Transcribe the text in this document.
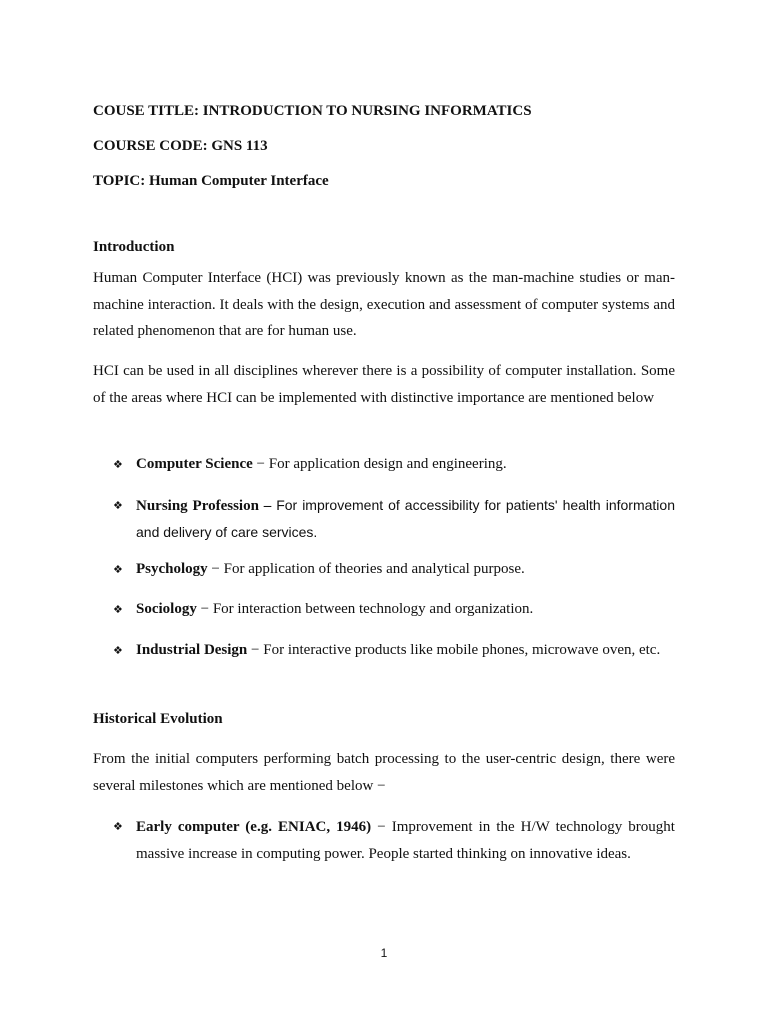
COUSE TITLE: INTRODUCTION TO NURSING INFORMATICS
COURSE CODE: GNS 113
TOPIC: Human Computer Interface
Introduction
Human Computer Interface (HCI) was previously known as the man-machine studies or man-machine interaction. It deals with the design, execution and assessment of computer systems and related phenomenon that are for human use.
HCI can be used in all disciplines wherever there is a possibility of computer installation. Some of the areas where HCI can be implemented with distinctive importance are mentioned below
❖ Computer Science − For application design and engineering.
❖ Nursing Profession – For improvement of accessibility for patients' health information and delivery of care services.
❖ Psychology − For application of theories and analytical purpose.
❖ Sociology − For interaction between technology and organization.
❖ Industrial Design − For interactive products like mobile phones, microwave oven, etc.
Historical Evolution
From the initial computers performing batch processing to the user-centric design, there were several milestones which are mentioned below −
❖ Early computer (e.g. ENIAC, 1946) − Improvement in the H/W technology brought massive increase in computing power. People started thinking on innovative ideas.
1
